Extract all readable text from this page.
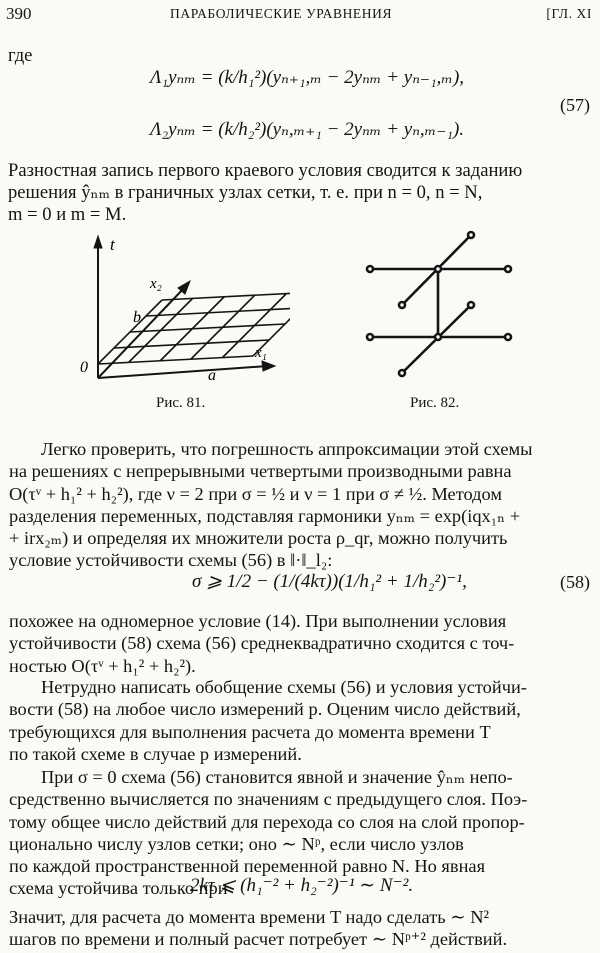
390	ПАРАБОЛИЧЕСКИЕ УРАВНЕНИЯ	[ГЛ. XI
где
Λ₁yₙₘ = (k/h₁²)(yₙ₊₁,ₘ − 2yₙₘ + yₙ₋₁,ₘ),
Λ₂yₙₘ = (k/h₂²)(yₙ,ₘ₊₁ − 2yₙₘ + yₙ,ₘ₋₁).
(57)
Разностная запись первого краевого условия сводится к заданию
решения ŷₙₘ в граничных узлах сетки, т. е. при n = 0, n = N,
m = 0 и m = M.
t
x₂
x₁
0	a
b
Рис. 81.	Рис. 82.
Легко проверить, что погрешность аппроксимации этой схемы
на решениях с непрерывными четвертыми производными равна
O(τᵛ + h₁² + h₂²), где ν = 2 при σ = ½ и ν = 1 при σ ≠ ½. Методом
разделения переменных, подставляя гармоники yₙₘ = exp(iqx₁ₙ +
+ irx₂ₘ) и определяя их множители роста ρ_qr, можно получить
условие устойчивости схемы (56) в ‖·‖_l₂:
σ ⩾ 1/2 − (1/(4kτ))(1/h₁² + 1/h₂²)⁻¹,	(58)
похожее на одномерное условие (14). При выполнении условия
устойчивости (58) схема (56) среднеквадратично сходится с точ-
ностью O(τᵛ + h₁² + h₂²).
Нетрудно написать обобщение схемы (56) и условия устойчи-
вости (58) на любое число измерений p. Оценим число действий,
требующихся для выполнения расчета до момента времени T
по такой схеме в случае p измерений.
При σ = 0 схема (56) становится явной и значение ŷₙₘ непо-
средственно вычисляется по значениям с предыдущего слоя. Поэ-
тому общее число действий для перехода со слоя на слой пропор-
ционально числу узлов сетки; оно ∼ Nᵖ, если число узлов
по каждой пространственной переменной равно N. Но явная
схема устойчива только при
2kτ ⩽ (h₁⁻² + h₂⁻²)⁻¹ ∼ N⁻².
Значит, для расчета до момента времени T надо сделать ∼ N²
шагов по времени и полный расчет потребует ∼ Nᵖ⁺² действий.
